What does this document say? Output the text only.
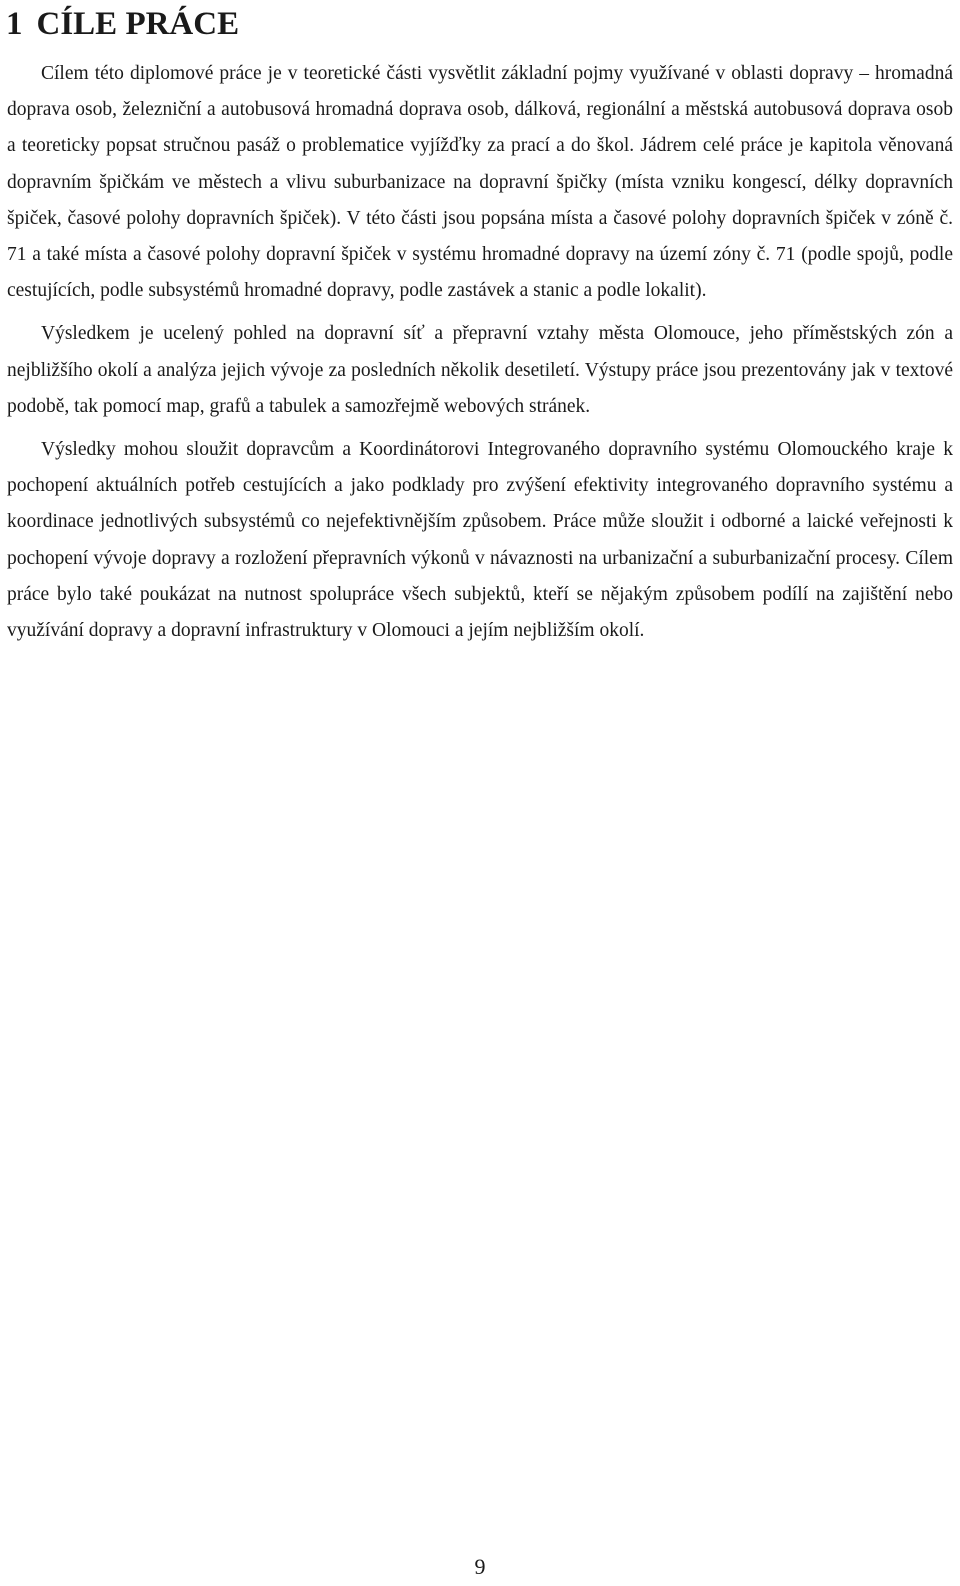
1 CÍLE PRÁCE

Cílem této diplomové práce je v teoretické části vysvětlit základní pojmy využívané v oblasti dopravy – hromadná doprava osob, železniční a autobusová hromadná doprava osob, dálková, regionální a městská autobusová doprava osob a teoreticky popsat stručnou pasáž o problematice vyjížďky za prací a do škol. Jádrem celé práce je kapitola věnovaná dopravním špičkám ve městech a vlivu suburbanizace na dopravní špičky (místa vzniku kongescí, délky dopravních špiček, časové polohy dopravních špiček). V této části jsou popsána místa a časové polohy dopravních špiček v zóně č. 71 a také místa a časové polohy dopravní špiček v systému hromadné dopravy na území zóny č. 71 (podle spojů, podle cestujících, podle subsystémů hromadné dopravy, podle zastávek a stanic a podle lokalit).

Výsledkem je ucelený pohled na dopravní síť a přepravní vztahy města Olomouce, jeho příměstských zón a nejbližšího okolí a analýza jejich vývoje za posledních několik desetiletí. Výstupy práce jsou prezentovány jak v textové podobě, tak pomocí map, grafů a tabulek a samozřejmě webových stránek.

Výsledky mohou sloužit dopravcům a Koordinátorovi Integrovaného dopravního systému Olomouckého kraje k pochopení aktuálních potřeb cestujících a jako podklady pro zvýšení efektivity integrovaného dopravního systému a koordinace jednotlivých subsystémů co nejefektivnějším způsobem. Práce může sloužit i odborné a laické veřejnosti k pochopení vývoje dopravy a rozložení přepravních výkonů v návaznosti na urbanizační a suburbanizační procesy. Cílem práce bylo také poukázat na nutnost spolupráce všech subjektů, kteří se nějakým způsobem podílí na zajištění nebo využívání dopravy a dopravní infrastruktury v Olomouci a jejím nejbližším okolí.

9
